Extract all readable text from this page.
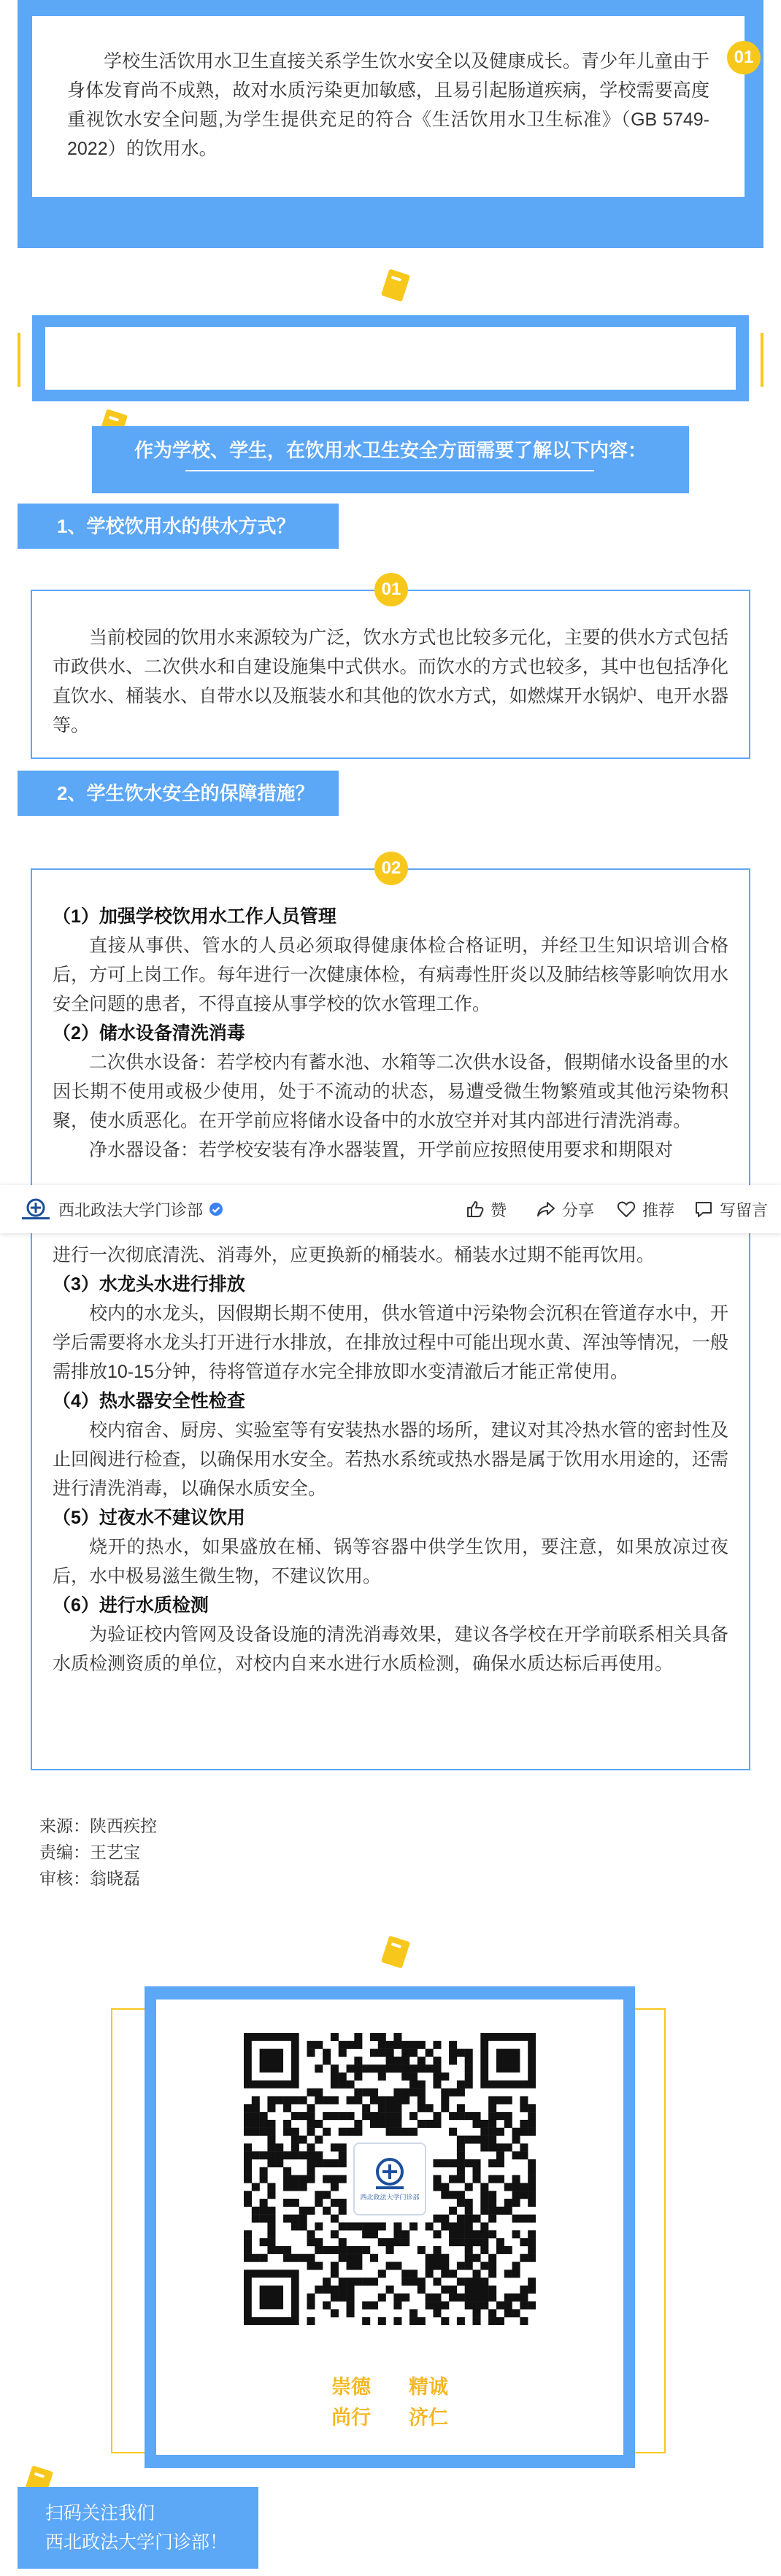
学校生活饮用水卫生直接关系学生饮水安全以及健康成长。青少年儿童由于身体发育尚不成熟，故对水质污染更加敏感，且易引起肠道疾病，学校需要高度重视饮水安全问题,为学生提供充足的符合《生活饮用水卫生标准》（GB 5749-2022）的饮用水。
01
作为学校、学生，在饮用水卫生安全方面需要了解以下内容：
1、学校饮用水的供水方式？
当前校园的饮用水来源较为广泛，饮水方式也比较多元化，主要的供水方式包括市政供水、二次供水和自建设施集中式供水。而饮水的方式也较多，其中也包括净化直饮水、桶装水、自带水以及瓶装水和其他的饮水方式，如燃煤开水锅炉、电开水器等。
01
2、学生饮水安全的保障措施？
（1）加强学校饮用水工作人员管理
直接从事供、管水的人员必须取得健康体检合格证明，并经卫生知识培训合格后，方可上岗工作。每年进行一次健康体检，有病毒性肝炎以及肺结核等影响饮用水安全问题的患者，不得直接从事学校的饮水管理工作。
（2）储水设备清洗消毒
二次供水设备：若学校内有蓄水池、水箱等二次供水设备，假期储水设备里的水因长期不使用或极少使用，处于不流动的状态，易遭受微生物繁殖或其他污染物积聚，使水质恶化。在开学前应将储水设备中的水放空并对其内部进行清洗消毒。
净水器设备：若学校安装有净水器装置，开学前应按照使用要求和期限对
进行一次彻底清洗、消毒外，应更换新的桶装水。桶装水过期不能再饮用。
（3）水龙头水进行排放
校内的水龙头，因假期长期不使用，供水管道中污染物会沉积在管道存水中，开学后需要将水龙头打开进行水排放，在排放过程中可能出现水黄、浑浊等情况，一般需排放10-15分钟，待将管道存水完全排放即水变清澈后才能正常使用。
（4）热水器安全性检查
校内宿舍、厨房、实验室等有安装热水器的场所，建议对其冷热水管的密封性及止回阀进行检查，以确保用水安全。若热水系统或热水器是属于饮用水用途的，还需进行清洗消毒，以确保水质安全。
（5）过夜水不建议饮用
烧开的热水，如果盛放在桶、锅等容器中供学生饮用，要注意，如果放凉过夜后，水中极易滋生微生物，不建议饮用。
（6）进行水质检测
为验证校内管网及设备设施的清洗消毒效果，建议各学校在开学前联系相关具备水质检测资质的单位，对校内自来水进行水质检测，确保水质达标后再使用。
02
西北政法大学门诊部	赞	分享	推荐	写留言
来源：陕西疾控
责编：王艺宝
审核：翁晓磊
西北政法大学门诊部
崇德 精诚
尚行 济仁
扫码关注我们
西北政法大学门诊部！
